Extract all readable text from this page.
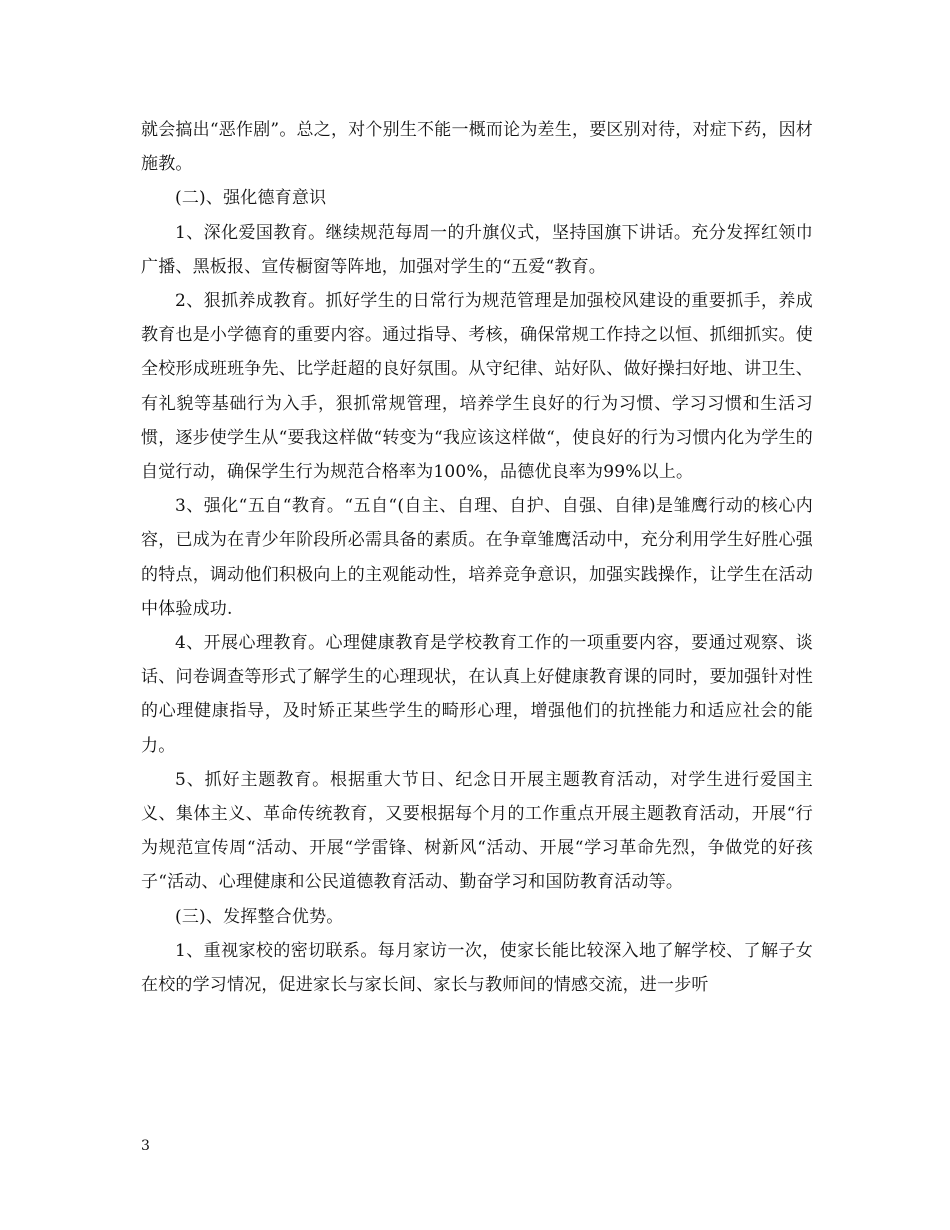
就会搞出“恶作剧”。总之，对个别生不能一概而论为差生，要区别对待，对症下药，因材施教。

(二)、强化德育意识

1、深化爱国教育。继续规范每周一的升旗仪式，坚持国旗下讲话。充分发挥红领巾广播、黑板报、宣传橱窗等阵地，加强对学生的“五爱“教育。

2、狠抓养成教育。抓好学生的日常行为规范管理是加强校风建设的重要抓手，养成教育也是小学德育的重要内容。通过指导、考核，确保常规工作持之以恒、抓细抓实。使全校形成班班争先、比学赶超的良好氛围。从守纪律、站好队、做好操扫好地、讲卫生、有礼貌等基础行为入手，狠抓常规管理，培养学生良好的行为习惯、学习习惯和生活习惯，逐步使学生从“要我这样做“转变为“我应该这样做“，使良好的行为习惯内化为学生的自觉行动，确保学生行为规范合格率为100%，品德优良率为99%以上。

3、强化“五自“教育。“五自“(自主、自理、自护、自强、自律)是雏鹰行动的核心内容，已成为在青少年阶段所必需具备的素质。在争章雏鹰活动中，充分利用学生好胜心强的特点，调动他们积极向上的主观能动性，培养竞争意识，加强实践操作，让学生在活动中体验成功.

4、开展心理教育。心理健康教育是学校教育工作的一项重要内容，要通过观察、谈话、问卷调查等形式了解学生的心理现状，在认真上好健康教育课的同时，要加强针对性的心理健康指导，及时矫正某些学生的畸形心理，增强他们的抗挫能力和适应社会的能力。

5、抓好主题教育。根据重大节日、纪念日开展主题教育活动，对学生进行爱国主义、集体主义、革命传统教育，又要根据每个月的工作重点开展主题教育活动，开展“行为规范宣传周“活动、开展“学雷锋、树新风“活动、开展“学习革命先烈，争做党的好孩子“活动、心理健康和公民道德教育活动、勤奋学习和国防教育活动等。

(三)、发挥整合优势。

1、重视家校的密切联系。每月家访一次，使家长能比较深入地了解学校、了解子女在校的学习情况，促进家长与家长间、家长与教师间的情感交流，进一步听

3
